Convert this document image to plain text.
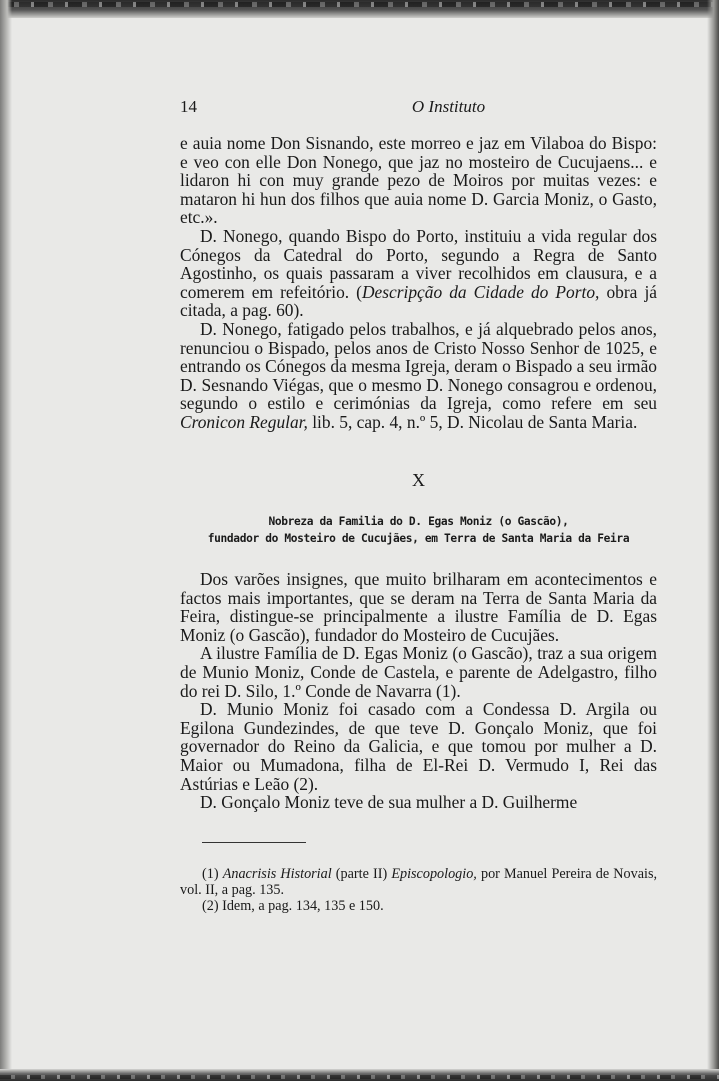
14	O Instituto

e auia nome Don Sisnando, este morreo e jaz em Vilaboa do Bispo: e veo con elle Don Nonego, que jaz no mosteiro de Cucujaens... e lidaron hi con muy grande pezo de Moiros por muitas vezes: e mataron hi hun dos filhos que auia nome D. Garcia Moniz, o Gasto, etc.».

D. Nonego, quando Bispo do Porto, instituiu a vida regular dos Cónegos da Catedral do Porto, segundo a Regra de Santo Agostinho, os quais passaram a viver recolhidos em clausura, e a comerem em refeitório. (Descripção da Cidade do Porto, obra já citada, a pag. 60).

D. Nonego, fatigado pelos trabalhos, e já alquebrado pelos anos, renunciou o Bispado, pelos anos de Cristo Nosso Senhor de 1025, e entrando os Cónegos da mesma Igreja, deram o Bispado a seu irmão D. Sesnando Viégas, que o mesmo D. Nonego consagrou e ordenou, segundo o estilo e cerimónias da Igreja, como refere em seu Cronicon Regular, lib. 5, cap. 4, n.º 5, D. Nicolau de Santa Maria.

X
Nobreza da Familia do D. Egas Moniz (o Gascão),
fundador do Mosteiro de Cucujães, em Terra de Santa Maria da Feira

Dos varões insignes, que muito brilharam em acontecimentos e factos mais importantes, que se deram na Terra de Santa Maria da Feira, distingue-se principalmente a ilustre Família de D. Egas Moniz (o Gascão), fundador do Mosteiro de Cucujães.

A ilustre Família de D. Egas Moniz (o Gascão), traz a sua origem de Munio Moniz, Conde de Castela, e parente de Adelgastro, filho do rei D. Silo, 1.º Conde de Navarra (1).

D. Munio Moniz foi casado com a Condessa D. Argila ou Egilona Gundezindes, de que teve D. Gonçalo Moniz, que foi governador do Reino da Galicia, e que tomou por mulher a D. Maior ou Mumadona, filha de El-Rei D. Vermudo I, Rei das Astúrias e Leão (2).

D. Gonçalo Moniz teve de sua mulher a D. Guilherme

(1) Anacrisis Historial (parte II) Episcopologio, por Manuel Pereira de Novais, vol. II, a pag. 135.

(2) Idem, a pag. 134, 135 e 150.
